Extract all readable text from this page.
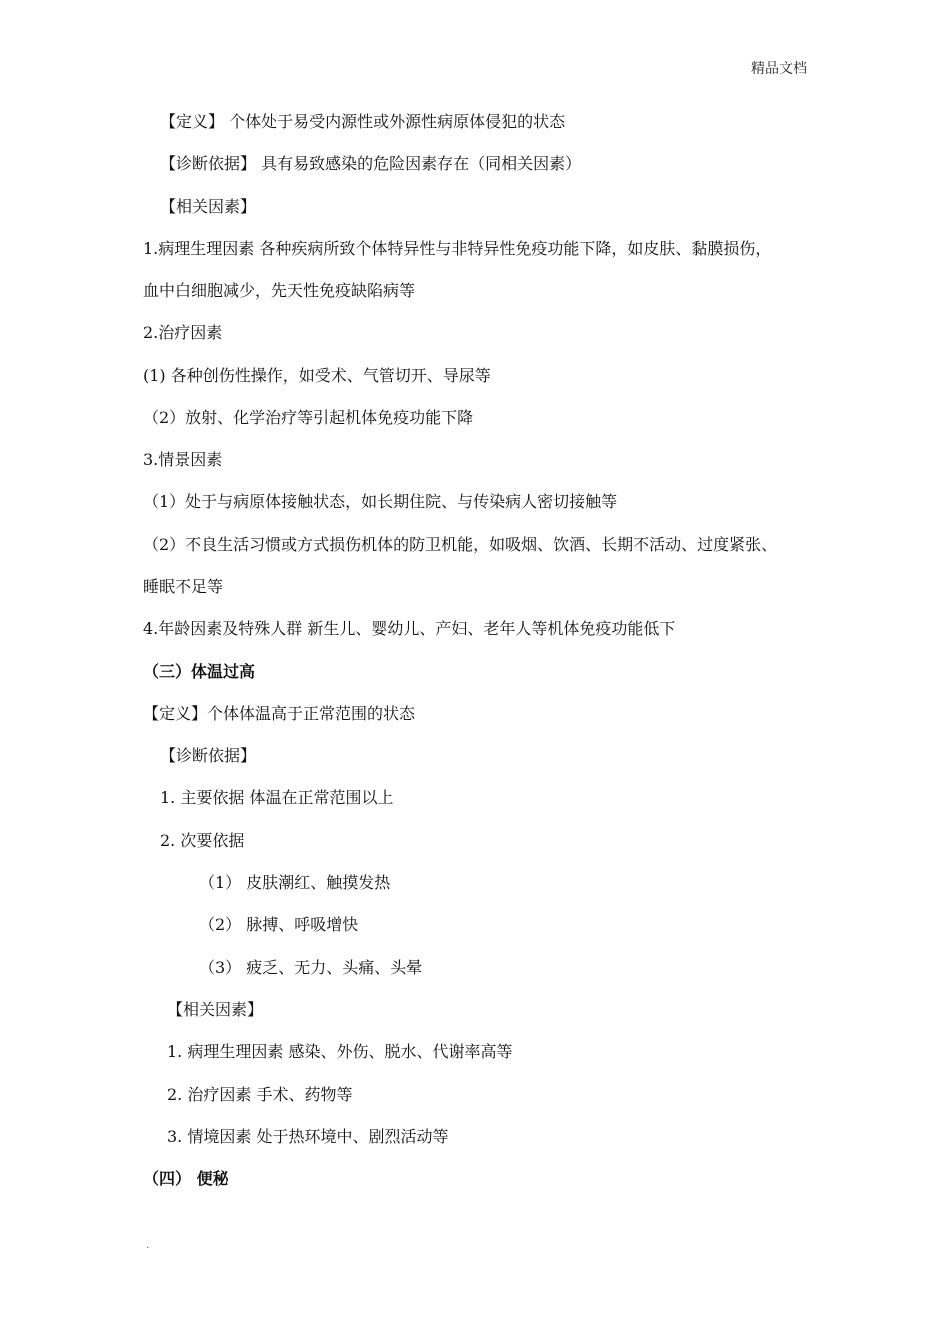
精品文档
【定义】 个体处于易受内源性或外源性病原体侵犯的状态
【诊断依据】 具有易致感染的危险因素存在（同相关因素）
【相关因素】
1.病理生理因素 各种疾病所致个体特异性与非特异性免疫功能下降，如皮肤、黏膜损伤，
血中白细胞减少，先天性免疫缺陷病等
2.治疗因素
(1) 各种创伤性操作，如受术、气管切开、导尿等
（2）放射、化学治疗等引起机体免疫功能下降
3.情景因素
（1）处于与病原体接触状态，如长期住院、与传染病人密切接触等
（2）不良生活习惯或方式损伤机体的防卫机能，如吸烟、饮酒、长期不活动、过度紧张、
睡眠不足等
4.年龄因素及特殊人群 新生儿、婴幼儿、产妇、老年人等机体免疫功能低下
（三）体温过高
【定义】个体体温高于正常范围的状态
【诊断依据】
1. 主要依据 体温在正常范围以上
2. 次要依据
（1） 皮肤潮红、触摸发热
（2） 脉搏、呼吸增快
（3） 疲乏、无力、头痛、头晕
【相关因素】
1. 病理生理因素 感染、外伤、脱水、代谢率高等
2. 治疗因素 手术、药物等
3. 情境因素 处于热环境中、剧烈活动等
（四） 便秘
.
